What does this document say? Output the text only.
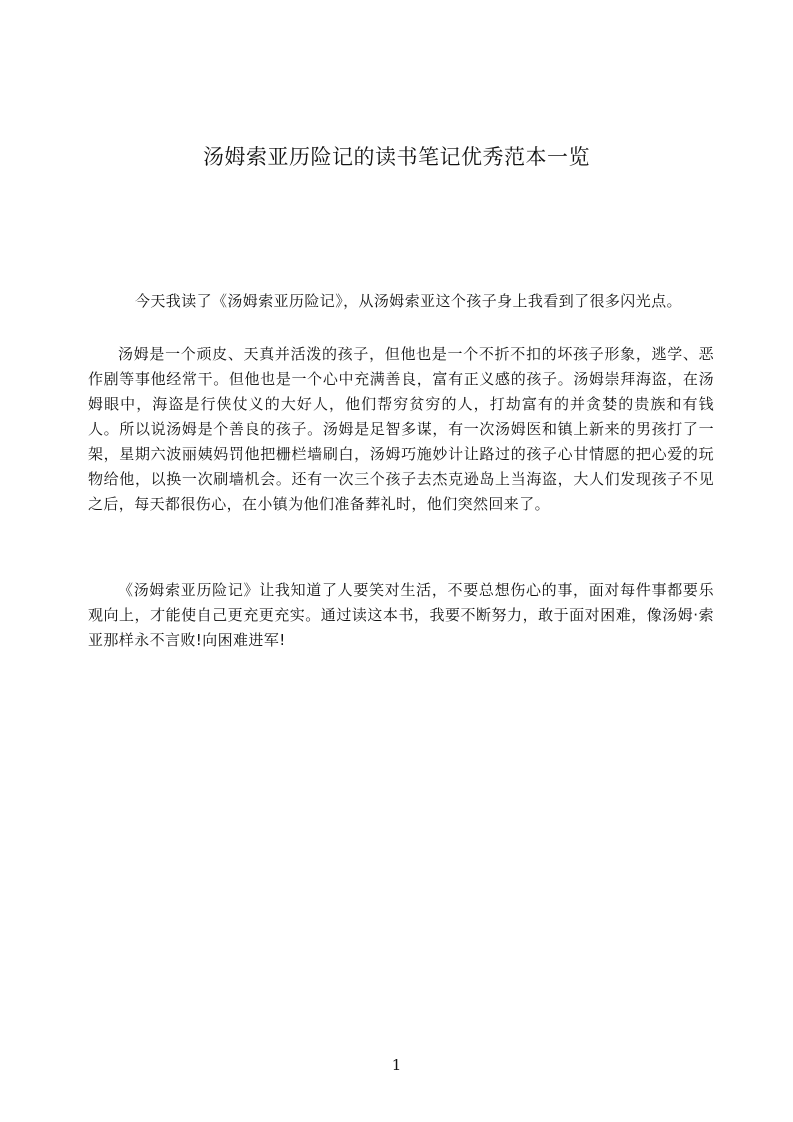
汤姆索亚历险记的读书笔记优秀范本一览

今天我读了《汤姆索亚历险记》，从汤姆索亚这个孩子身上我看到了很多闪光点。

汤姆是一个顽皮、天真并活泼的孩子，但他也是一个不折不扣的坏孩子形象，逃学、恶作剧等事他经常干。但他也是一个心中充满善良，富有正义感的孩子。汤姆崇拜海盗，在汤姆眼中，海盗是行侠仗义的大好人，他们帮穷贫穷的人，打劫富有的并贪婪的贵族和有钱人。所以说汤姆是个善良的孩子。汤姆是足智多谋，有一次汤姆医和镇上新来的男孩打了一架，星期六波丽姨妈罚他把栅栏墙刷白，汤姆巧施妙计让路过的孩子心甘情愿的把心爱的玩物给他，以换一次刷墙机会。还有一次三个孩子去杰克逊岛上当海盗，大人们发现孩子不见之后，每天都很伤心，在小镇为他们准备葬礼时，他们突然回来了。

《汤姆索亚历险记》让我知道了人要笑对生活，不要总想伤心的事，面对每件事都要乐观向上，才能使自己更充更充实。通过读这本书，我要不断努力，敢于面对困难，像汤姆·索亚那样永不言败!向困难进军!

1
